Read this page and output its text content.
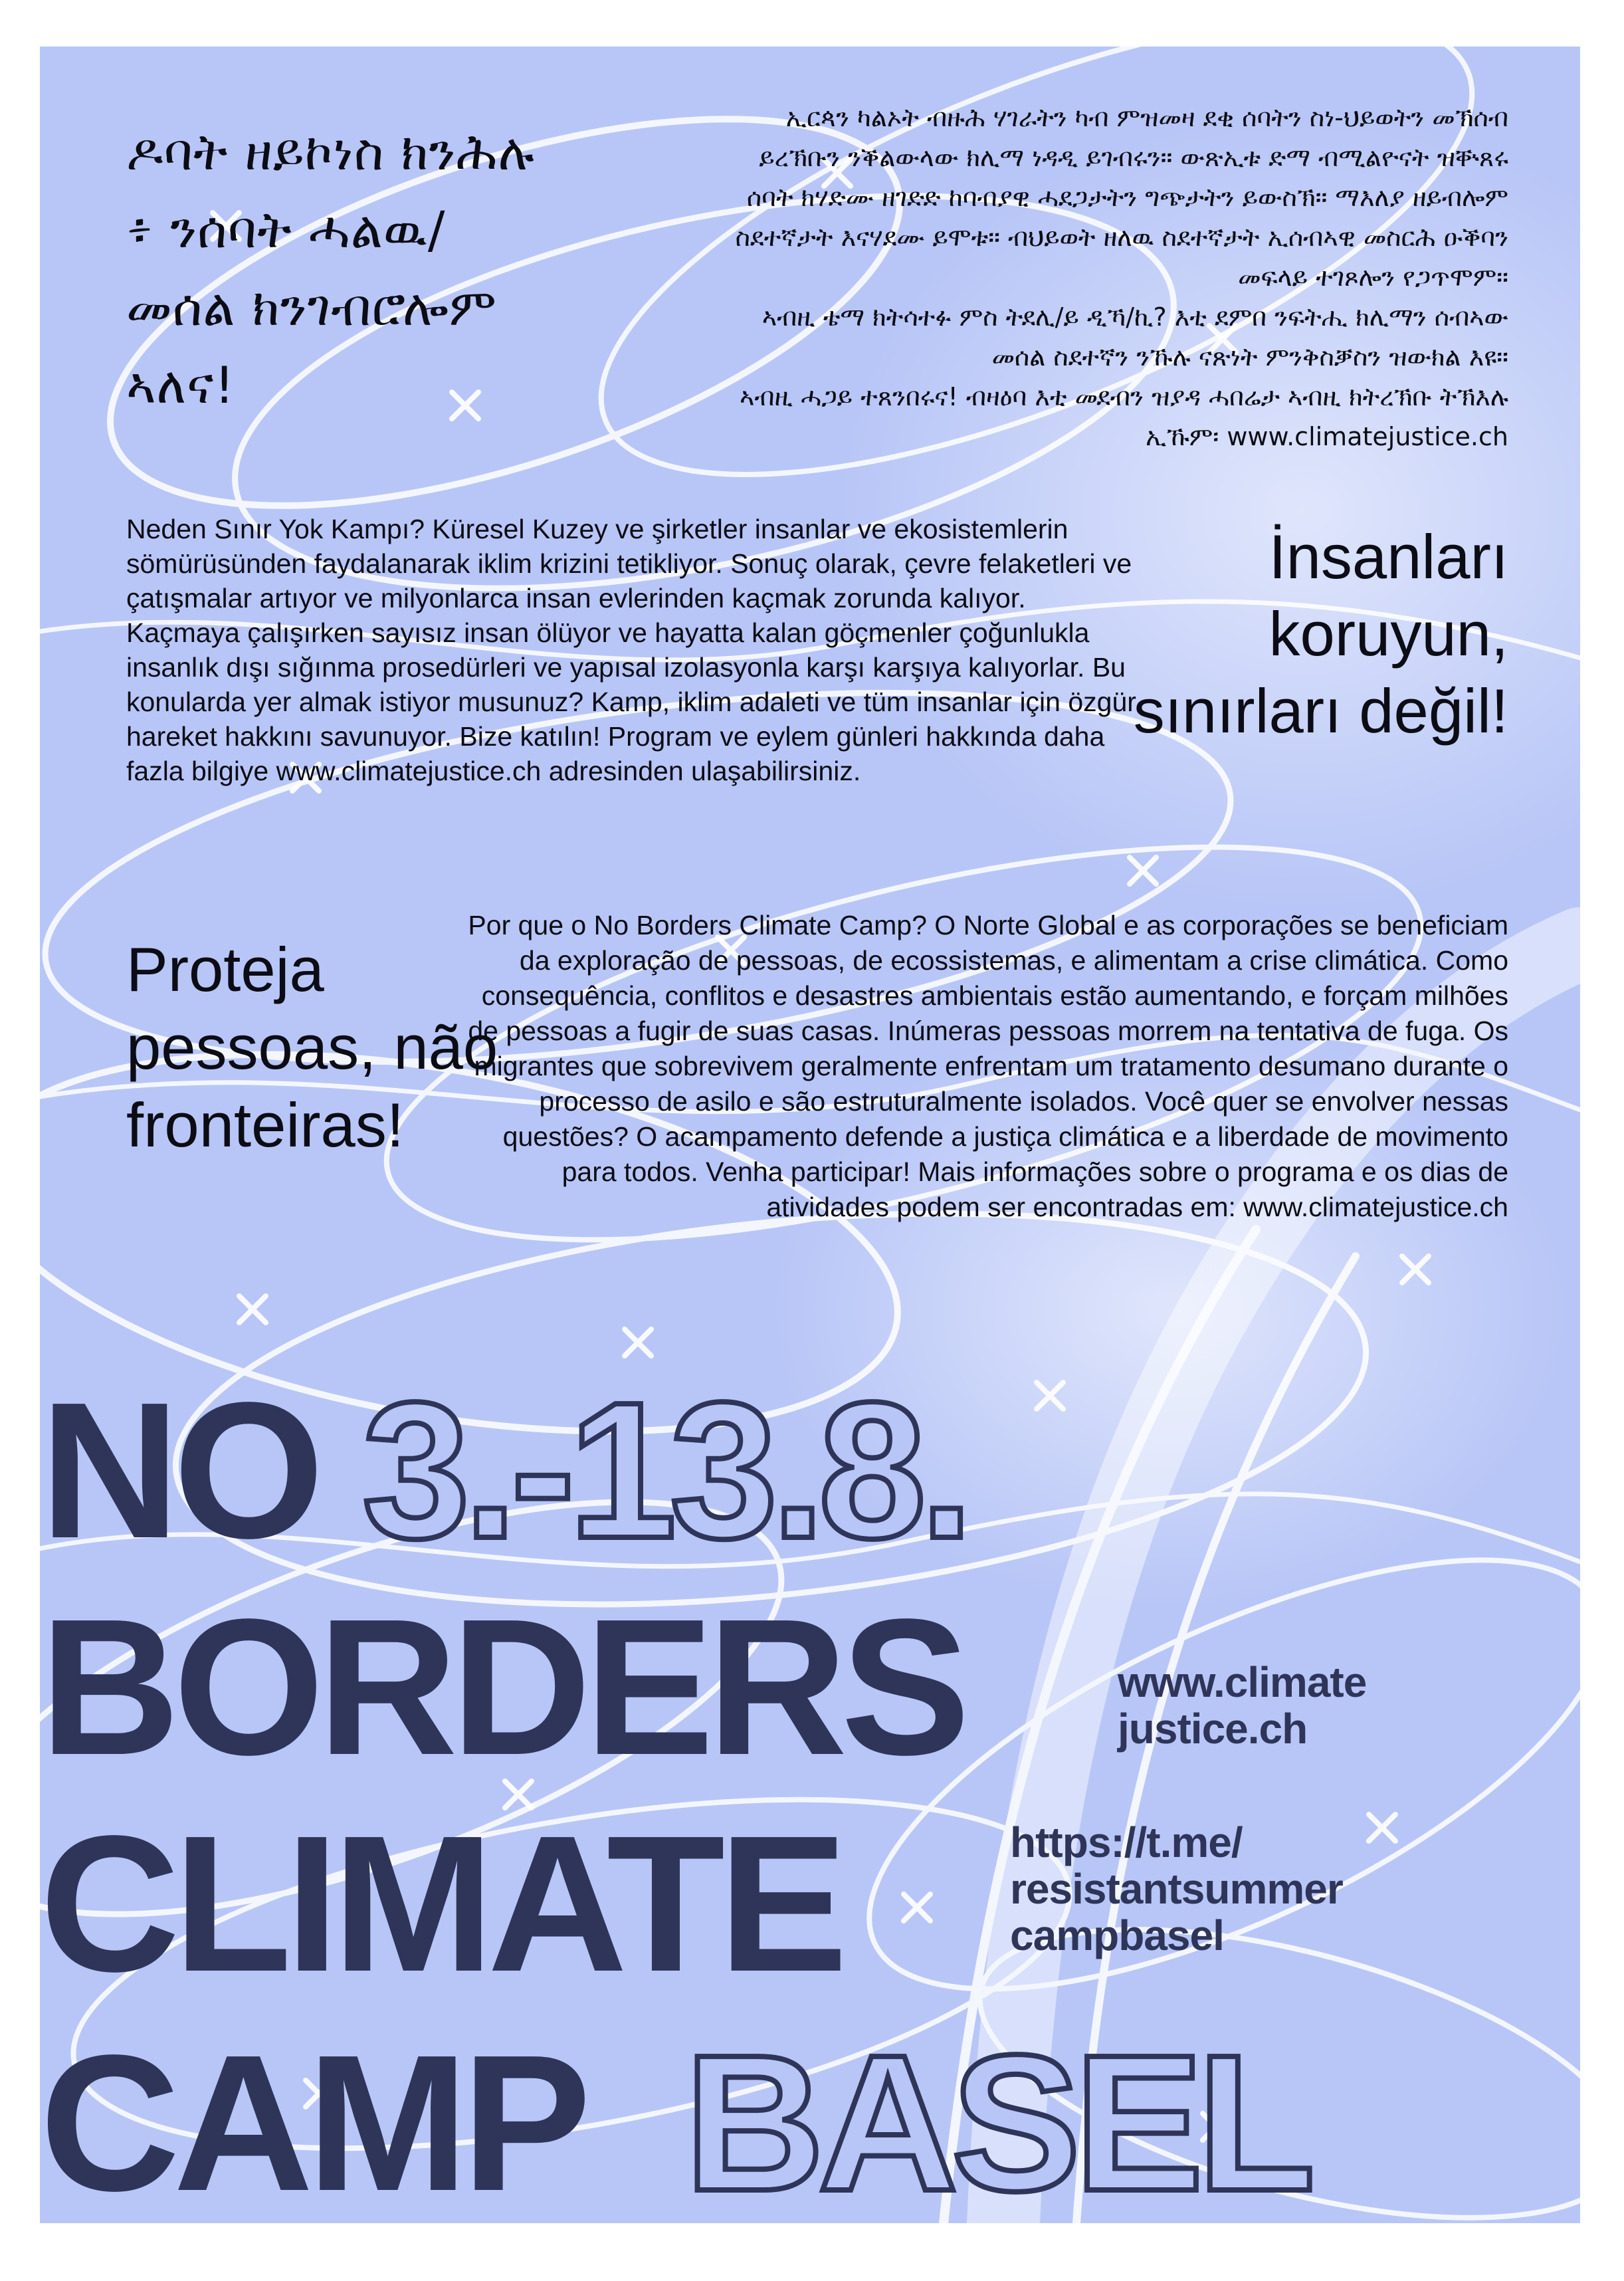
ዶባት ዘይኮነስ ክንሕሉ ፥ ንሰባት ሓልዉ/ መሰል ክንገብሮሎም ኣለና!
ኢርጳን ካልኦት ብዙሕ ሃገራትን ካብ ምዝመዛ ደቂ ሰባትን ስነ-ህይወትን መኽሰብ
ይረኽቡን ንቕልውላው ክሊማ ነዳዲ ይገብሩን። ውጽኢቱ ድማ ብሚልዮናት ዝቝጸሩ
ሰባት ክሃድሙ ዘገድድ ከባብያዊ ሓደጋታትን ግጭታትን ይውስኽ። ማእለያ ዘይብሎም
ስደተኛታት እናሃደሙ ይሞቱ። ብህይወት ዘለዉ ስደተኛታት ኢሰብኣዊ መስርሕ ዑቕባን
መፍላይ ተገጾሎን የጋጥሞም።
ኣብዚ ቴማ ክትሳተፉ ምስ ትደሊ/ይ ዲኻ/ኪ? እቲ ደምበ ንፍትሒ ክሊማን ሰብኣው
መሰል ስደተኛን ንኹሉ ናጽነት ምንቅስቓስን ዝውክል እዩ።
ኣብዚ ሓጋይ ተጸንበሩና! ብዛዕባ እቲ መደብን ዝያዳ ሓበሬታ ኣብዚ ክትረኽቡ ትኽእሉ
ኢኹም፡ www.climatejustice.ch
Neden Sınır Yok Kampı? Küresel Kuzey ve şirketler insanlar ve ekosistemlerin sömürüsünden faydalanarak iklim krizini tetikliyor. Sonuç olarak, çevre felaketleri ve çatışmalar artıyor ve milyonlarca insan evlerinden kaçmak zorunda kalıyor. Kaçmaya çalışırken sayısız insan ölüyor ve hayatta kalan göçmenler çoğunlukla insanlık dışı sığınma prosedürleri ve yapısal izolasyonla karşı karşıya kalıyorlar. Bu konularda yer almak istiyor musunuz? Kamp, iklim adaleti ve tüm insanlar için özgür hareket hakkını savunuyor. Bize katılın! Program ve eylem günleri hakkında daha fazla bilgiye www.climatejustice.ch adresinden ulaşabilirsiniz.
İnsanları koruyun, sınırları değil!
Proteja pessoas, não fronteiras!
Por que o No Borders Climate Camp? O Norte Global e as corporações se beneficiam da exploração de pessoas, de ecossistemas, e alimentam a crise climática. Como consequência, conflitos e desastres ambientais estão aumentando, e forçam milhões de pessoas a fugir de suas casas. Inúmeras pessoas morrem na tentativa de fuga. Os migrantes que sobrevivem geralmente enfrentam um tratamento desumano durante o processo de asilo e são estruturalmente isolados. Você quer se envolver nessas questões? O acampamento defende a justiça climática e a liberdade de movimento para todos. Venha participar! Mais informações sobre o programa e os dias de atividades podem ser encontradas em: www.climatejustice.ch
NO 3.-13.8.
BORDERS
CLIMATE
CAMP BASEL
www.climate
justice.ch
https://t.me/
resistantsummer
campbasel
